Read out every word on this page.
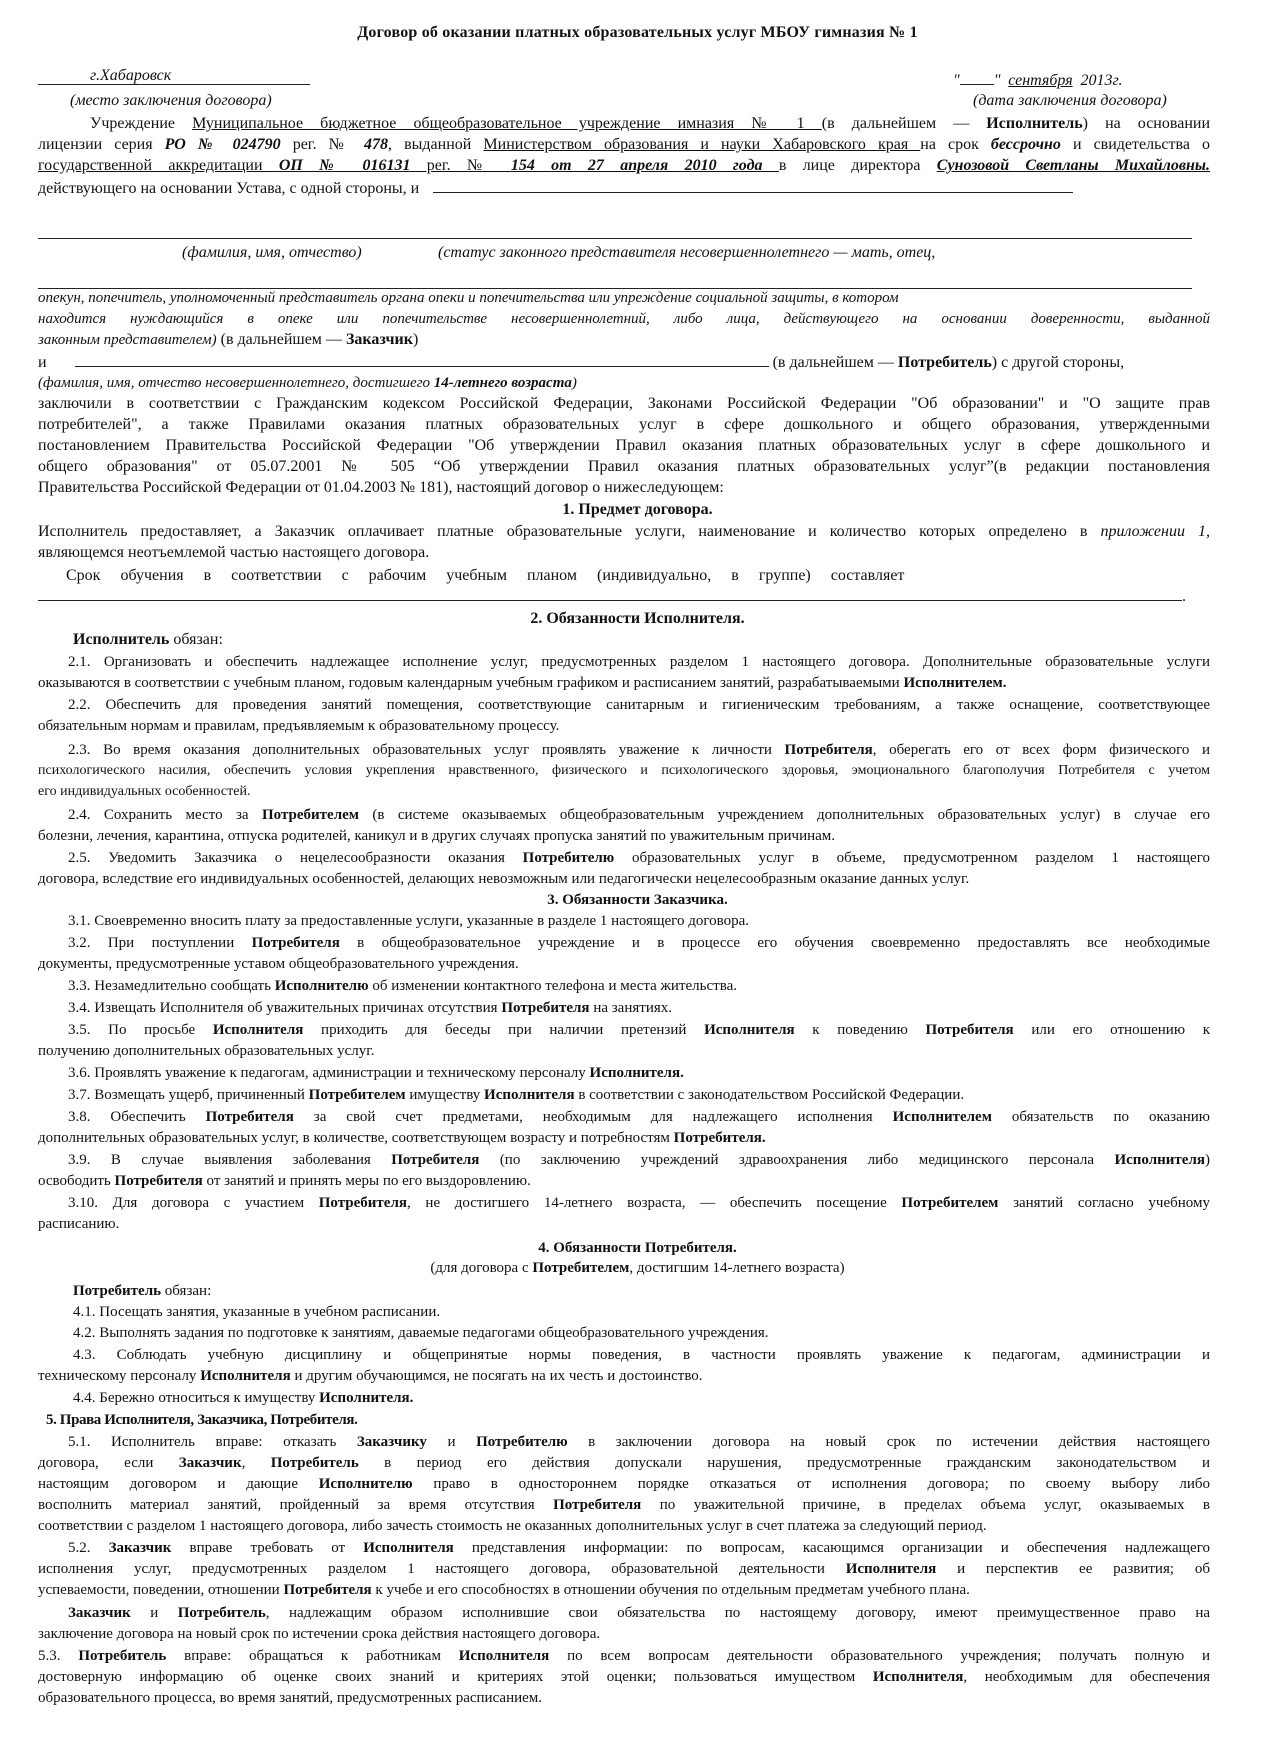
Договор об оказании платных образовательных услуг МБОУ гимназия № 1
г.Хабаровск	" " сентября 2013г.
(место заключения договора)	(дата заключения договора)
Учреждение Муниципальное бюджетное общеобразовательное учреждение имназия № 1 (в дальнейшем — Исполнитель) на основании
лицензии серия РО № 024790 рег. № 478, выданной Министерством образования и науки Хабаровского края на срок бессрочно и свидетельства о
государственной аккредитации ОП № 016131 рег. № 154 от 27 апреля 2010 года в лице директора Сунозовой Светланы Михайловны.
действующего на основании Устава, с одной стороны, и
(фамилия, имя, отчество)	(статус законного представителя несовершеннолетнего — мать, отец,
опекун, попечитель, уполномоченный представитель органа опеки и попечительства или упреждение социальной защиты, в котором
находится нуждающийся в опеке или попечительстве несовершеннолетний, либо лица, действующего на основании доверенности, выданной
законным представителем) (в дальнейшем — Заказчик)
и	(в дальнейшем — Потребитель) с другой стороны,
(фамилия, имя, отчество несовершеннолетнего, достигшего 14-летнего возраста)
заключили в соответствии с Гражданским кодексом Российской Федерации, Законами Российской Федерации "Об образовании" и "О защите прав
потребителей", а также Правилами оказания платных образовательных услуг в сфере дошкольного и общего образования, утвержденными
постановлением Правительства Российской Федерации "Об утверждении Правил оказания платных образовательных услуг в сфере дошкольного и
общего образования" от 05.07.2001 № 505 “Об утверждении Правил оказания платных образовательных услуг”(в редакции постановления
Правительства Российской Федерации от 01.04.2003 № 181), настоящий договор о нижеследующем:
1. Предмет договора.
Исполнитель предоставляет, а Заказчик оплачивает платные образовательные услуги, наименование и количество которых определено в приложении 1,
являющемся неотъемлемой частью настоящего договора.
Срок     обучения     в     соответствии     с     рабочим     учебным     планом     (индивидуально,     в     группе)     составляет
.
2. Обязанности Исполнителя.
Исполнитель обязан:
2.1. Организовать и обеспечить надлежащее исполнение услуг, предусмотренных разделом 1 настоящего договора. Дополнительные образовательные услуги
оказываются в соответствии с учебным планом, годовым календарным учебным графиком и расписанием занятий, разрабатываемыми Исполнителем.
2.2. Обеспечить для проведения занятий помещения, соответствующие санитарным и гигиеническим требованиям, а также оснащение, соответствующее
обязательным нормам и правилам, предъявляемым к образовательному процессу.
2.3. Во время оказания дополнительных образовательных услуг проявлять уважение к личности Потребителя, оберегать его от всех форм физического и
психологического насилия, обеспечить условия укрепления нравственного, физического и психологического здоровья, эмоционального благополучия Потребителя с учетом
его индивидуальных особенностей.
2.4. Сохранить место за Потребителем (в системе оказываемых общеобразовательным учреждением дополнительных образовательных услуг) в случае его
болезни, лечения, карантина, отпуска родителей, каникул и в других случаях пропуска занятий по уважительным причинам.
2.5. Уведомить Заказчика о нецелесообразности оказания Потребителю образовательных услуг в объеме, предусмотренном разделом 1 настоящего
договора, вследствие его индивидуальных особенностей, делающих невозможным или педагогически нецелесообразным оказание данных услуг.
3. Обязанности Заказчика.
3.1. Своевременно вносить плату за предоставленные услуги, указанные в разделе 1 настоящего договора.
3.2. При поступлении Потребителя в общеобразовательное учреждение и в процессе его обучения своевременно предоставлять все необходимые
документы, предусмотренные уставом общеобразовательного учреждения.
3.3. Незамедлительно сообщать Исполнителю об изменении контактного телефона и места жительства.
3.4. Извещать Исполнителя об уважительных причинах отсутствия Потребителя на занятиях.
3.5. По просьбе Исполнителя приходить для беседы при наличии претензий Исполнителя к поведению Потребителя или его отношению к
получению дополнительных образовательных услуг.
3.6. Проявлять уважение к педагогам, администрации и техническому персоналу Исполнителя.
3.7. Возмещать ущерб, причиненный Потребителем имуществу Исполнителя в соответствии с законодательством Российской Федерации.
3.8. Обеспечить Потребителя за свой счет предметами, необходимым для надлежащего исполнения Исполнителем обязательств по оказанию
дополнительных образовательных услуг, в количестве, соответствующем возрасту и потребностям Потребителя.
3.9. В случае выявления заболевания Потребителя (по заключению учреждений здравоохранения либо медицинского персонала Исполнителя)
освободить Потребителя от занятий и принять меры по его выздоровлению.
3.10. Для договора с участием Потребителя, не достигшего 14-летнего возраста, — обеспечить посещение Потребителем занятий согласно учебному
расписанию.
4. Обязанности Потребителя.
(для договора с Потребителем, достигшим 14-летнего возраста)
Потребитель обязан:
4.1. Посещать занятия, указанные в учебном расписании.
4.2. Выполнять задания по подготовке к занятиям, даваемые педагогами общеобразовательного учреждения.
4.3. Соблюдать учебную дисциплину и общепринятые нормы поведения, в частности проявлять уважение к педагогам, администрации и
техническому персоналу Исполнителя и другим обучающимся, не посягать на их честь и достоинство.
4.4. Бережно относиться к имуществу Исполнителя.
5. Права Исполнителя, Заказчика, Потребителя.
5.1. Исполнитель вправе: отказать Заказчику и Потребителю в заключении договора на новый срок по истечении действия настоящего
договора, если Заказчик, Потребитель в период его действия допускали нарушения, предусмотренные гражданским законодательством и
настоящим договором и дающие Исполнителю право в одностороннем порядке отказаться от исполнения договора; по своему выбору либо
восполнить материал занятий, пройденный за время отсутствия Потребителя по уважительной причине, в пределах объема услуг, оказываемых в
соответствии с разделом 1 настоящего договора, либо зачесть стоимость не оказанных дополнительных услуг в счет платежа за следующий период.
5.2. Заказчик вправе требовать от Исполнителя представления информации: по вопросам, касающимся организации и обеспечения надлежащего
исполнения услуг, предусмотренных разделом 1 настоящего договора, образовательной деятельности Исполнителя и перспектив ее развития; об
успеваемости, поведении, отношении Потребителя к учебе и его способностях в отношении обучения по отдельным предметам учебного плана.
Заказчик и Потребитель, надлежащим образом исполнившие свои обязательства по настоящему договору, имеют преимущественное право на
заключение договора на новый срок по истечении срока действия настоящего договора.
5.3. Потребитель вправе: обращаться к работникам Исполнителя по всем вопросам деятельности образовательного учреждения; получать полную и
достоверную информацию об оценке своих знаний и критериях этой оценки; пользоваться имуществом Исполнителя, необходимым для обеспечения
образовательного процесса, во время занятий, предусмотренных расписанием.
